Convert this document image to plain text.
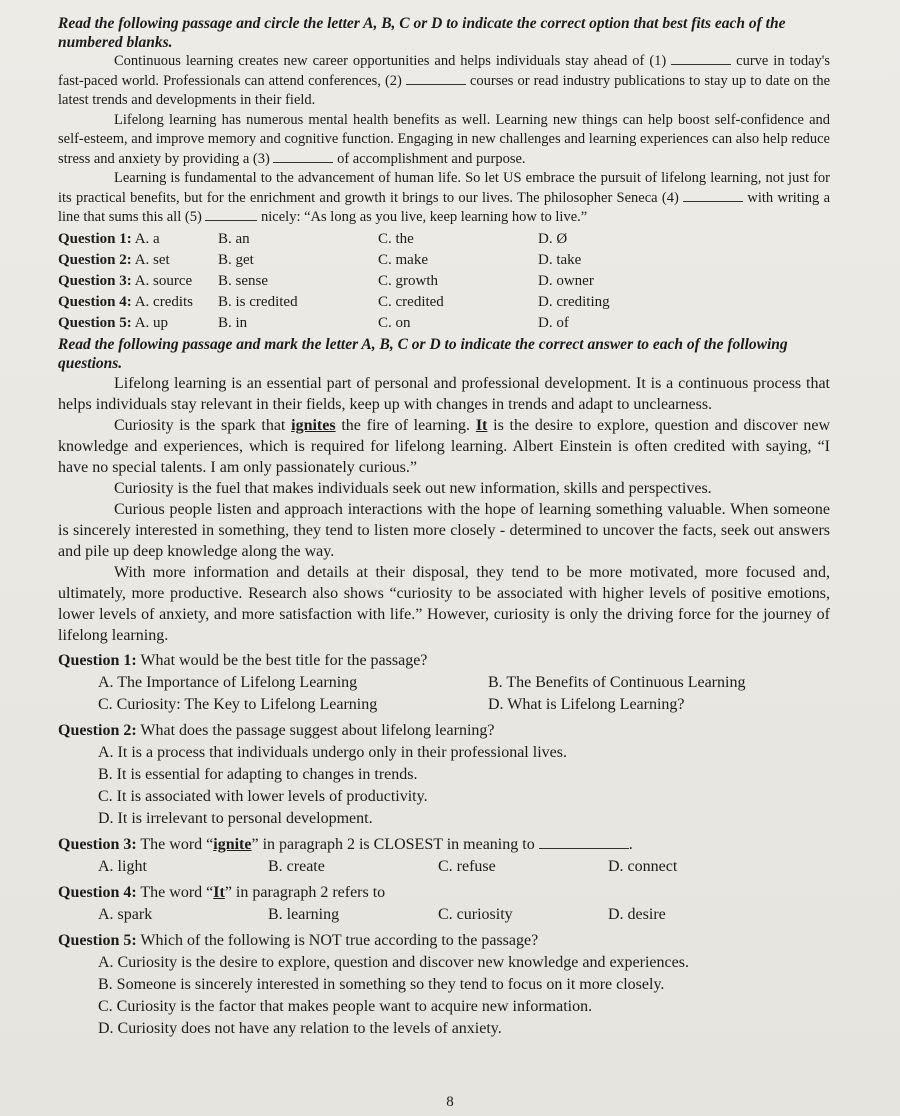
Read the following passage and circle the letter A, B, C or D to indicate the correct option that best fits each of the numbered blanks.

Continuous learning creates new career opportunities and helps individuals stay ahead of (1)	curve in today's fast-paced world. Professionals can attend conferences, (2)	courses or read industry publications to stay up to date on the latest trends and developments in their field.

Lifelong learning has numerous mental health benefits as well. Learning new things can help boost self-confidence and self-esteem, and improve memory and cognitive function. Engaging in new challenges and learning experiences can also help reduce stress and anxiety by providing a (3)	of accomplishment and purpose.

Learning is fundamental to the advancement of human life. So let US embrace the pursuit of lifelong learning, not just for its practical benefits, but for the enrichment and growth it brings to our lives. The philosopher Seneca (4)	with writing a line that sums this all (5)	nicely: “As long as you live, keep learning how to live.”

Question 1: A. a	B. an	C. the	D. Ø
Question 2: A. set	B. get	C. make	D. take
Question 3: A. source	B. sense	C. growth	D. owner
Question 4: A. credits	B. is credited	C. credited	D. crediting
Question 5: A. up	B. in	C. on	D. of

Read the following passage and mark the letter A, B, C or D to indicate the correct answer to each of the following questions.

Lifelong learning is an essential part of personal and professional development. It is a continuous process that helps individuals stay relevant in their fields, keep up with changes in trends and adapt to unclearness.

Curiosity is the spark that ignites the fire of learning. It is the desire to explore, question and discover new knowledge and experiences, which is required for lifelong learning. Albert Einstein is often credited with saying, “I have no special talents. I am only passionately curious.”

Curiosity is the fuel that makes individuals seek out new information, skills and perspectives.

Curious people listen and approach interactions with the hope of learning something valuable. When someone is sincerely interested in something, they tend to listen more closely - determined to uncover the facts, seek out answers and pile up deep knowledge along the way.

With more information and details at their disposal, they tend to be more motivated, more focused and, ultimately, more productive. Research also shows “curiosity to be associated with higher levels of positive emotions, lower levels of anxiety, and more satisfaction with life.” However, curiosity is only the driving force for the journey of lifelong learning.

Question 1: What would be the best title for the passage?
A. The Importance of Lifelong Learning	B. The Benefits of Continuous Learning
C. Curiosity: The Key to Lifelong Learning	D. What is Lifelong Learning?
Question 2: What does the passage suggest about lifelong learning?
A. It is a process that individuals undergo only in their professional lives.
B. It is essential for adapting to changes in trends.
C. It is associated with lower levels of productivity.
D. It is irrelevant to personal development.
Question 3: The word “ignite” in paragraph 2 is CLOSEST in meaning to	.
A. light	B. create	C. refuse	D. connect
Question 4: The word “It” in paragraph 2 refers to
A. spark	B. learning	C. curiosity	D. desire
Question 5: Which of the following is NOT true according to the passage?
A. Curiosity is the desire to explore, question and discover new knowledge and experiences.
B. Someone is sincerely interested in something so they tend to focus on it more closely.
C. Curiosity is the factor that makes people want to acquire new information.
D. Curiosity does not have any relation to the levels of anxiety.
8
